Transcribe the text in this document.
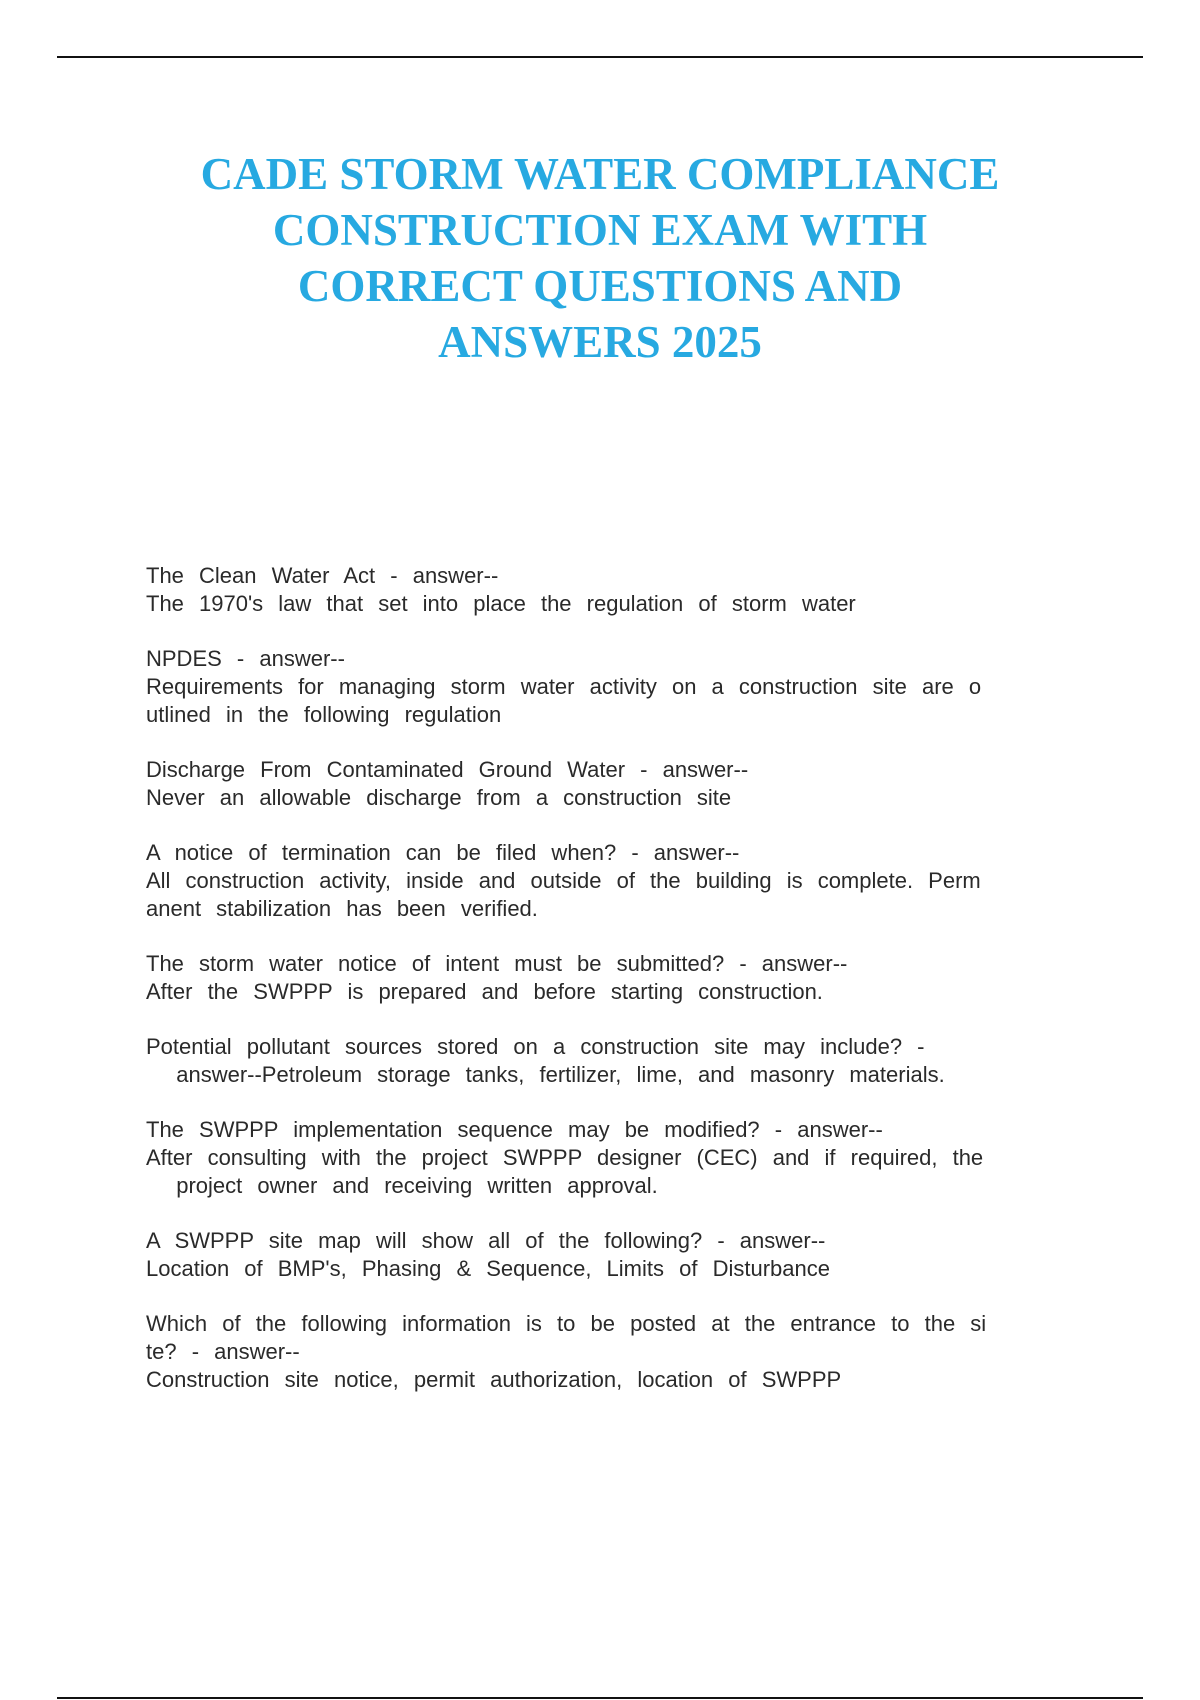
CADE STORM WATER COMPLIANCE
CONSTRUCTION EXAM WITH
CORRECT QUESTIONS AND
ANSWERS 2025
The Clean Water Act - answer--
The 1970's law that set into place the regulation of storm water
NPDES - answer--
Requirements for managing storm water activity on a construction site are o
utlined in the following regulation
Discharge From Contaminated Ground Water - answer--
Never an allowable discharge from a construction site
A notice of termination can be filed when? - answer--
All construction activity, inside and outside of the building is complete. Perm
anent stabilization has been verified.
The storm water notice of intent must be submitted? - answer--
After the SWPPP is prepared and before starting construction.
Potential pollutant sources stored on a construction site may include? -
answer--Petroleum storage tanks, fertilizer, lime, and masonry materials.
The SWPPP implementation sequence may be modified? - answer--
After consulting with the project SWPPP designer (CEC) and if required, the
project owner and receiving written approval.
A SWPPP site map will show all of the following? - answer--
Location of BMP's, Phasing & Sequence, Limits of Disturbance
Which of the following information is to be posted at the entrance to the si
te? - answer--
Construction site notice, permit authorization, location of SWPPP
